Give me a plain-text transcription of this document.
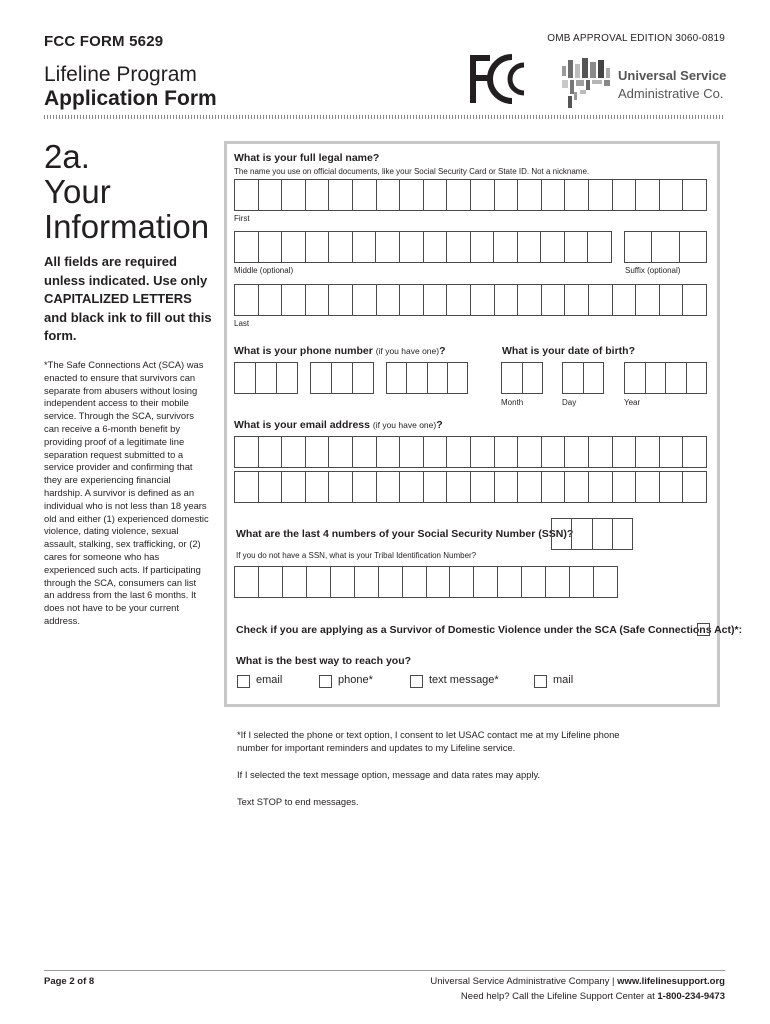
FCC FORM 5629	OMB APPROVAL EDITION 3060-0819
Lifeline Program
Application Form
Universal Service
Administrative Co.
2a.
Your
Information
All fields are required unless indicated. Use only CAPITALIZED LETTERS and black ink to fill out this form.
*The Safe Connections Act (SCA) was enacted to ensure that survivors can separate from abusers without losing independent access to their mobile service. Through the SCA, survivors can receive a 6-month benefit by providing proof of a legitimate line separation request submitted to a service provider and confirming that they are experiencing financial hardship. A survivor is defined as an individual who is not less than 18 years old and either (1) experienced domestic violence, dating violence, sexual assault, stalking, sex trafficking, or (2) cares for someone who has experienced such acts. If participating through the SCA, consumers can list an address from the last 6 months. It does not have to be your current address.
What is your full legal name?
The name you use on official documents, like your Social Security Card or State ID. Not a nickname.
First
Middle (optional)	Suffix (optional)
Last
What is your phone number (if you have one)?	What is your date of birth?
Month	Day	Year
What is your email address (if you have one)?
What are the last 4 numbers of your Social Security Number (SSN)?
If you do not have a SSN, what is your Tribal Identification Number?
Check if you are applying as a Survivor of Domestic Violence under the SCA (Safe Connections Act)*:
What is the best way to reach you?
email	phone*	text message*	mail
*If I selected the phone or text option, I consent to let USAC contact me at my Lifeline phone number for important reminders and updates to my Lifeline service.
If I selected the text message option, message and data rates may apply.
Text STOP to end messages.
Page 2 of 8	Universal Service Administrative Company | www.lifelinesupport.org
Need help? Call the Lifeline Support Center at 1-800-234-9473
